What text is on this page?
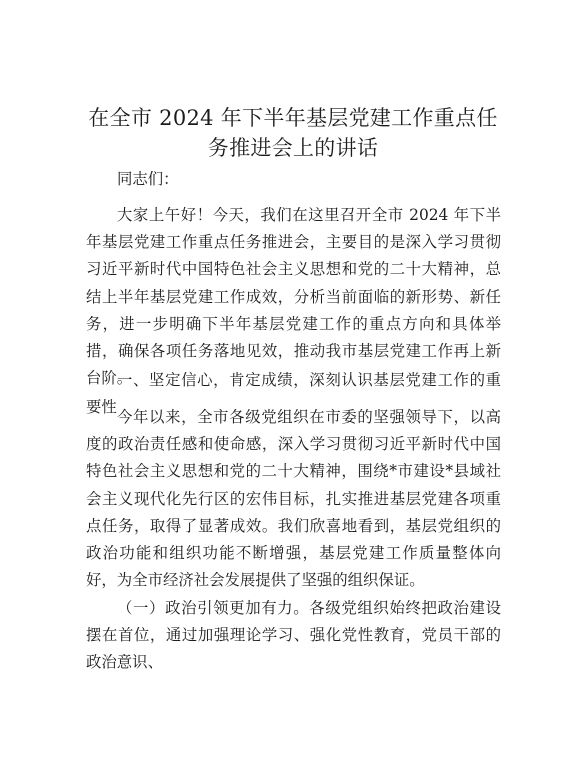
在全市 2024 年下半年基层党建工作重点任务推进会上的讲话

同志们：

大家上午好！今天，我们在这里召开全市 2024 年下半年基层党建工作重点任务推进会，主要目的是深入学习贯彻习近平新时代中国特色社会主义思想和党的二十大精神，总结上半年基层党建工作成效，分析当前面临的新形势、新任务，进一步明确下半年基层党建工作的重点方向和具体举措，确保各项任务落地见效，推动我市基层党建工作再上新台阶。

一、坚定信心，肯定成绩，深刻认识基层党建工作的重要性

今年以来，全市各级党组织在市委的坚强领导下，以高度的政治责任感和使命感，深入学习贯彻习近平新时代中国特色社会主义思想和党的二十大精神，围绕*市建设*县域社会主义现代化先行区的宏伟目标，扎实推进基层党建各项重点任务，取得了显著成效。我们欣喜地看到，基层党组织的政治功能和组织功能不断增强，基层党建工作质量整体向好，为全市经济社会发展提供了坚强的组织保证。

（一）政治引领更加有力。各级党组织始终把政治建设摆在首位，通过加强理论学习、强化党性教育，党员干部的政治意识、
